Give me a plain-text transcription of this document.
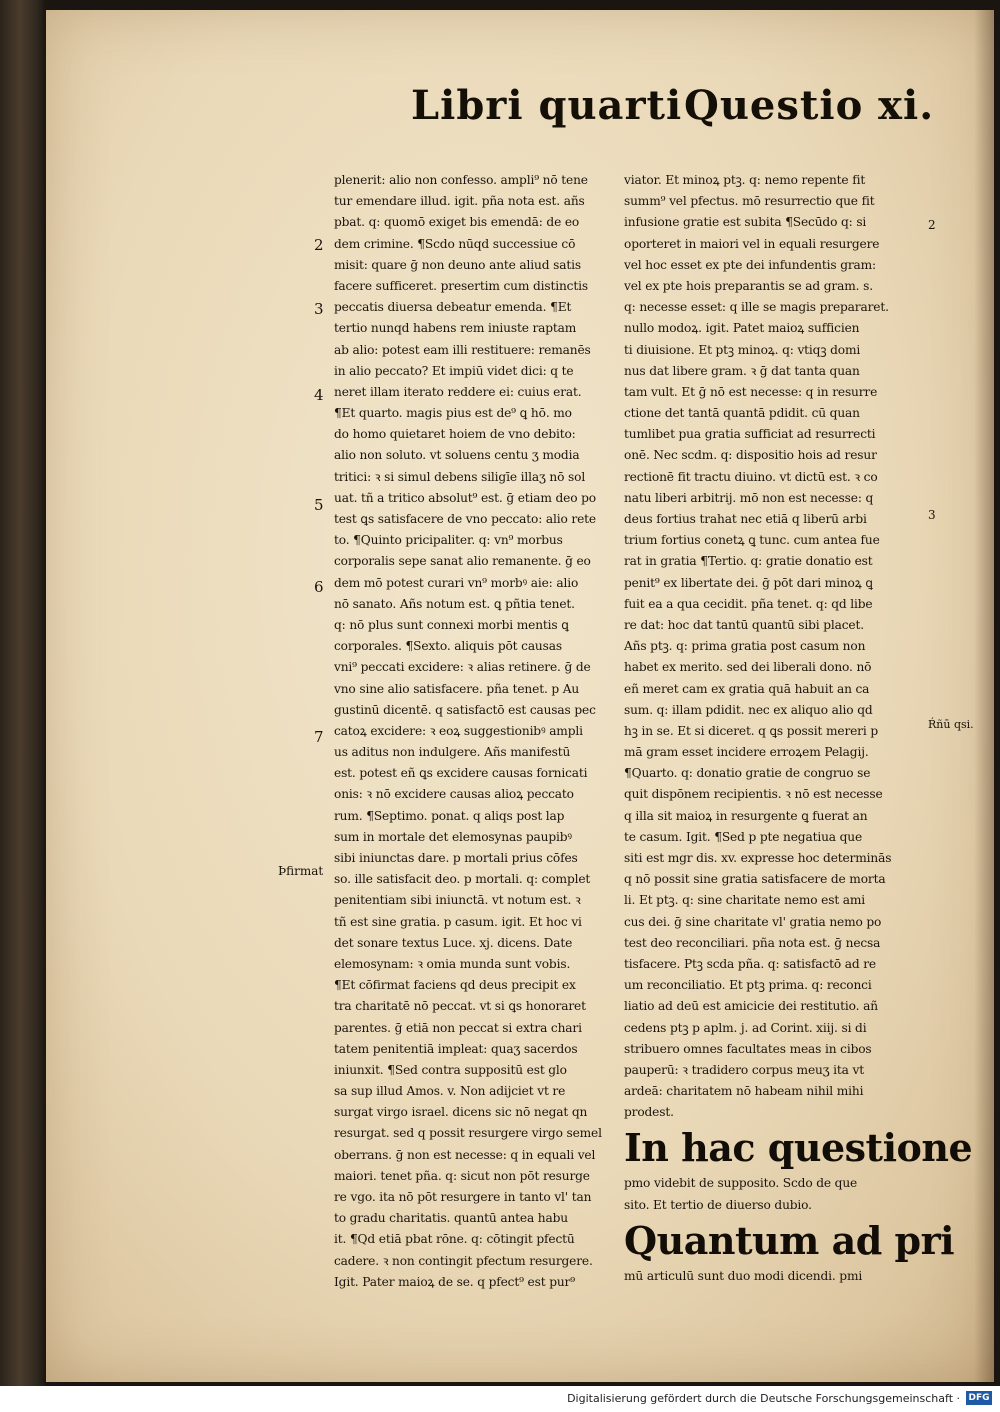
Libri quarti Questio xi.
plenerit: alio non confesso. ampli⁹ nō tene
tur emendare illud. igit. pña nota est. añs
pbat. q: quomō exiget bis emendā: de eo
dem crimine. ¶Scdo nūqd successiue cō
misit: quare ḡ non deuno ante aliud satis
facere sufficeret. presertim cum distinctis
peccatis diuersa debeatur emenda. ¶Et
tertio nunqd habens rem iniuste raptam
ab alio: potest eam illi restituere: remanēs
in alio peccato? Et impiū videt dici: q te
neret illam iterato reddere ei: cuius erat.
¶Et quarto. magis pius est de⁹ ꝗ hō. mo
do homo quietaret hoiem de vno debito:
alio non soluto. vt soluens centu ʒ modia
tritici: ꝛ si simul debens siligīe illaʒ nō sol
uat. tñ a tritico absolut⁹ est. ḡ etiam deo po
test ꝗs satisfacere de vno peccato: alio rete
to. ¶Quinto pricipaliter. q: vn⁹ morbus
corporalis sepe sanat alio remanente. ḡ eo
dem mō potest curari vn⁹ morbꝰ aie: alio
nō sanato. Añs notum est. ꝗ pñtia tenet.
q: nō plus sunt connexi morbi mentis ꝗ
corporales. ¶Sexto. aliquis pōt causas
vni⁹ peccati excidere: ꝛ alias retinere. ḡ de
vno sine alio satisfacere. pña tenet. p Au
gustinū dicentē. q satisfactō est causas pec
catoꝝ excidere: ꝛ eoꝝ suggestionibꝰ ampli
us aditus non indulgere. Añs manifestū
est. potest eñ ꝗs excidere causas fornicati
onis: ꝛ nō excidere causas alioꝝ peccato
rum. ¶Septimo. ponat. q aliqs post lap
sum in mortale det elemosynas paupibꝰ
sibi iniunctas dare. p mortali prius cōfes
so. ille satisfacit deo. p mortali. q: complet
penitentiam sibi iniunctā. vt notum est. ꝛ
tñ est sine gratia. p casum. igit. Et hoc vi
det sonare textus Luce. xj. dicens. Date
elemosynam: ꝛ omia munda sunt vobis.
¶Et cōfirmat faciens qd deus precipit ex
tra charitatē nō peccat. vt si ꝗs honoraret
parentes. ḡ etiā non peccat si extra chari
tatem penitentiā impleat: quaʒ sacerdos
iniunxit. ¶Sed contra suppositū est glo
sa sup illud Amos. v. Non adijciet vt re
surgat virgo israel. dicens sic nō negat qn
resurgat. sed q possit resurgere virgo semel
oberrans. ḡ non est necesse: q in equali vel
maiori. tenet pña. q: sicut non pōt resurge
re vgo. ita nō pōt resurgere in tanto vl' tan
to gradu charitatis. quantū antea habu
it. ¶Qd etiā pbat rōne. q: cōtingit pfectū
cadere. ꝛ non contingit pfectum resurgere.
Igit. Pater maioꝝ de se. q pfect⁹ est pur⁹
viator. Et minoꝝ ptꝫ. q: nemo repente fit
summ⁹ vel pfectus. mō resurrectio que fit
infusione gratie est subita ¶Secūdo q: si
oporteret in maiori vel in equali resurgere
vel hoc esset ex pte dei infundentis gram:
vel ex pte hois preparantis se ad gram. s.
q: necesse esset: q ille se magis prepararet.
nullo modoꝝ. igit. Patet maioꝝ sufficien
ti diuisione. Et ptꝫ minoꝝ. q: vtiqꝫ domi
nus dat libere gram. ꝛ ḡ dat tanta quan
tam vult. Et ḡ nō est necesse: q in resurre
ctione det tantā quantā pdidit. cū quan
tumlibet pua gratia sufficiat ad resurrecti
onē. Nec scdm. q: dispositio hois ad resur
rectionē fit tractu diuino. vt dictū est. ꝛ co
natu liberi arbitrij. mō non est necesse: q
deus fortius trahat nec etiā q liberū arbi
trium fortius conetꝝ ꝗ tunc. cum antea fue
rat in gratia ¶Tertio. q: gratie donatio est
penit⁹ ex libertate dei. ḡ pōt dari minoꝝ ꝗ
fuit ea a qua cecidit. pña tenet. q: qd libe
re dat: hoc dat tantū quantū sibi placet.
Añs ptꝫ. q: prima gratia post casum non
habet ex merito. sed dei liberali dono. nō
eñ meret cam ex gratia quā habuit an ca
sum. q: illam pdidit. nec ex aliquo alio qd
hꝫ in se. Et si diceret. q ꝗs possit mereri p
mā gram esset incidere erroꝝem Pelagij.
¶Quarto. q: donatio gratie de congruo se
quit dispōnem recipientis. ꝛ nō est necesse
q illa sit maioꝝ in resurgente ꝗ fuerat an
te casum. Igit. ¶Sed p pte negatiua que
siti est mgr dis. xv. expresse hoc determinās
q nō possit sine gratia satisfacere de morta
li. Et ptꝫ. q: sine charitate nemo est ami
cus dei. ḡ sine charitate vl' gratia nemo po
test deo reconciliari. pña nota est. ḡ necsa
tisfacere. Ptꝫ scda pña. q: satisfactō ad re
um reconciliatio. Et ptꝫ prima. q: reconci
liatio ad deū est amicicie dei restitutio. añ
cedens ptꝫ p aplm. j. ad Corint. xiij. si di
stribuero omnes facultates meas in cibos
pauperū: ꝛ tradidero corpus meuʒ ita vt
ardeā: charitatem nō habeam nihil mihi
prodest.
In hac questione
pmo videbit de supposito. Scdo de que
sito. Et tertio de diuerso dubio.
Quantum ad pri
mū articulū sunt duo modi dicendi. pmi
2
3
4
5
6
7
Þfirmat
2
3
Ŕñū qsi.
Digitalisierung gefördert durch die Deutsche Forschungsgemeinschaft · DFG
